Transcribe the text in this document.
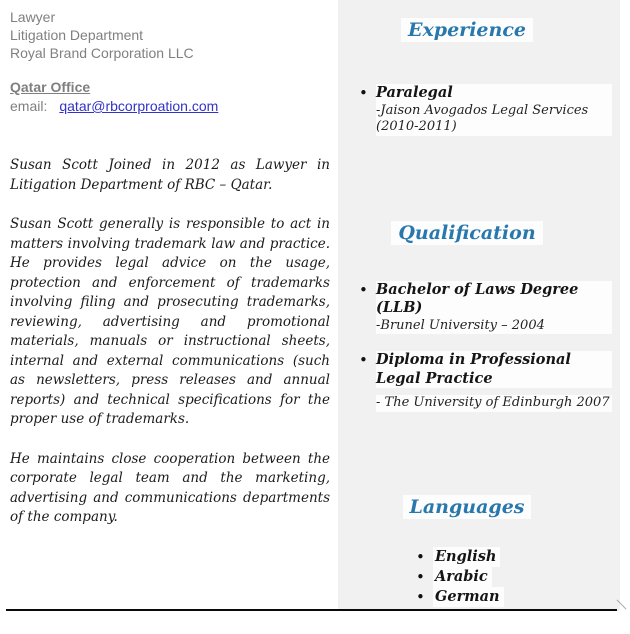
Lawyer
Litigation Department
Royal Brand Corporation LLC
Qatar Office
email: qatar@rbcorproation.com

Susan Scott Joined in 2012 as Lawyer in Litigation Department of RBC – Qatar.

Susan Scott generally is responsible to act in matters involving trademark law and practice. He provides legal advice on the usage, protection and enforcement of trademarks involving filing and prosecuting trademarks, reviewing, advertising and promotional materials, manuals or instructional sheets, internal and external communications (such as newsletters, press releases and annual reports) and technical specifications for the proper use of trademarks.

He maintains close cooperation between the corporate legal team and the marketing, advertising and communications departments of the company.

Experience
• Paralegal
-Jaison Avogados Legal Services (2010-2011)
Qualification
• Bachelor of Laws Degree (LLB)
-Brunel University – 2004
• Diploma in Professional Legal Practice
- The University of Edinburgh 2007
Languages
• English
• Arabic
• German
